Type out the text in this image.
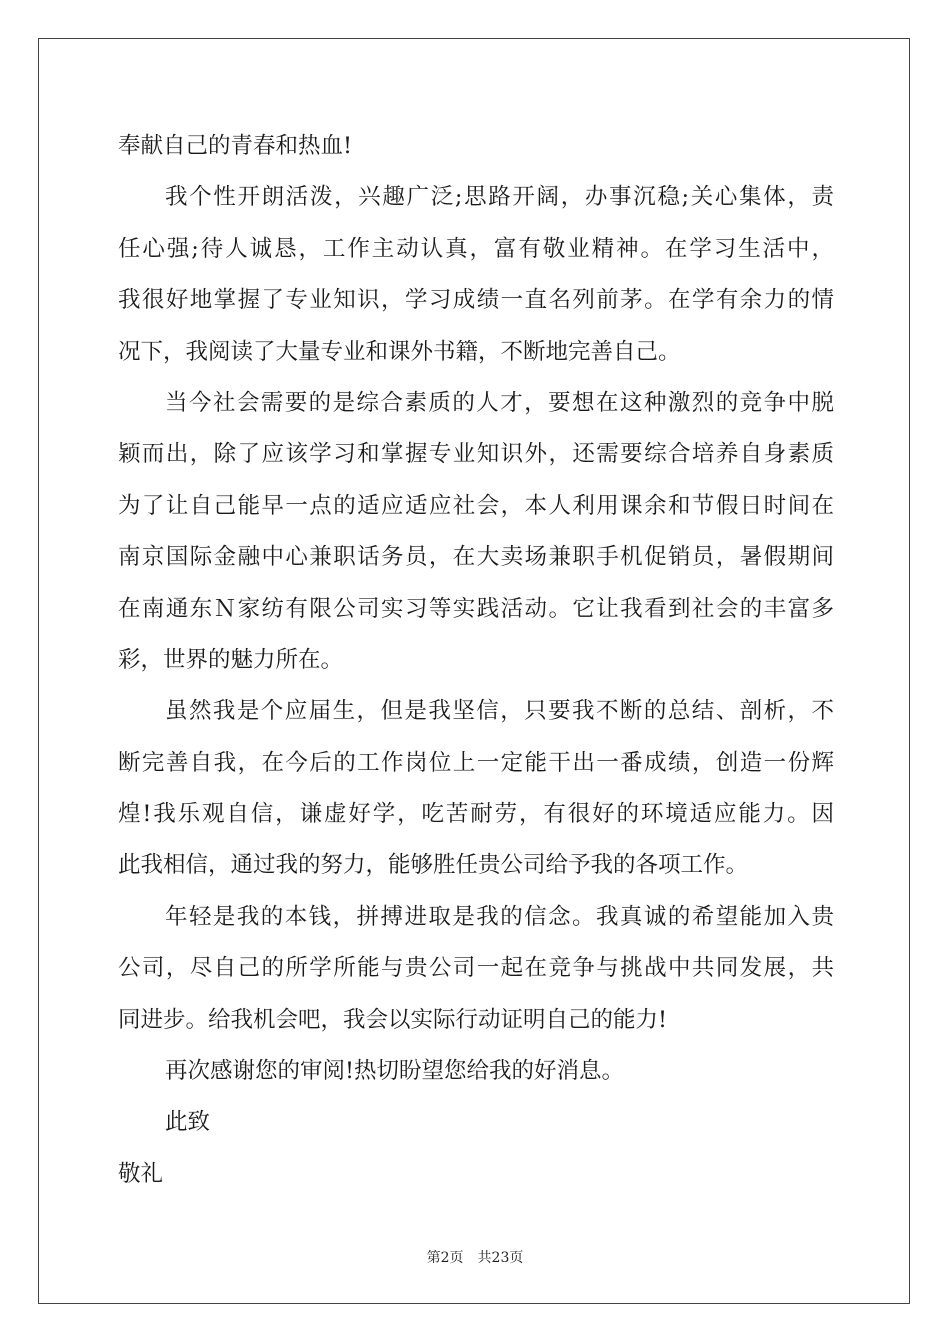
奉献自己的青春和热血!
我个性开朗活泼，兴趣广泛;思路开阔，办事沉稳;关心集体，责
任心强;待人诚恳，工作主动认真，富有敬业精神。在学习生活中，
我很好地掌握了专业知识，学习成绩一直名列前茅。在学有余力的情
况下，我阅读了大量专业和课外书籍，不断地完善自己。
当今社会需要的是综合素质的人才，要想在这种激烈的竞争中脱
颖而出，除了应该学习和掌握专业知识外，还需要综合培养自身素质
为了让自己能早一点的适应适应社会，本人利用课余和节假日时间在
南京国际金融中心兼职话务员，在大卖场兼职手机促销员，暑假期间
在南通东Ｎ家纺有限公司实习等实践活动。它让我看到社会的丰富多
彩，世界的魅力所在。
虽然我是个应届生，但是我坚信，只要我不断的总结、剖析，不
断完善自我，在今后的工作岗位上一定能干出一番成绩，创造一份辉
煌!我乐观自信，谦虚好学，吃苦耐劳，有很好的环境适应能力。因
此我相信，通过我的努力，能够胜任贵公司给予我的各项工作。
年轻是我的本钱，拼搏进取是我的信念。我真诚的希望能加入贵
公司，尽自己的所学所能与贵公司一起在竞争与挑战中共同发展，共
同进步。给我机会吧，我会以实际行动证明自己的能力!
再次感谢您的审阅!热切盼望您给我的好消息。
此致
敬礼
第2页　共23页
